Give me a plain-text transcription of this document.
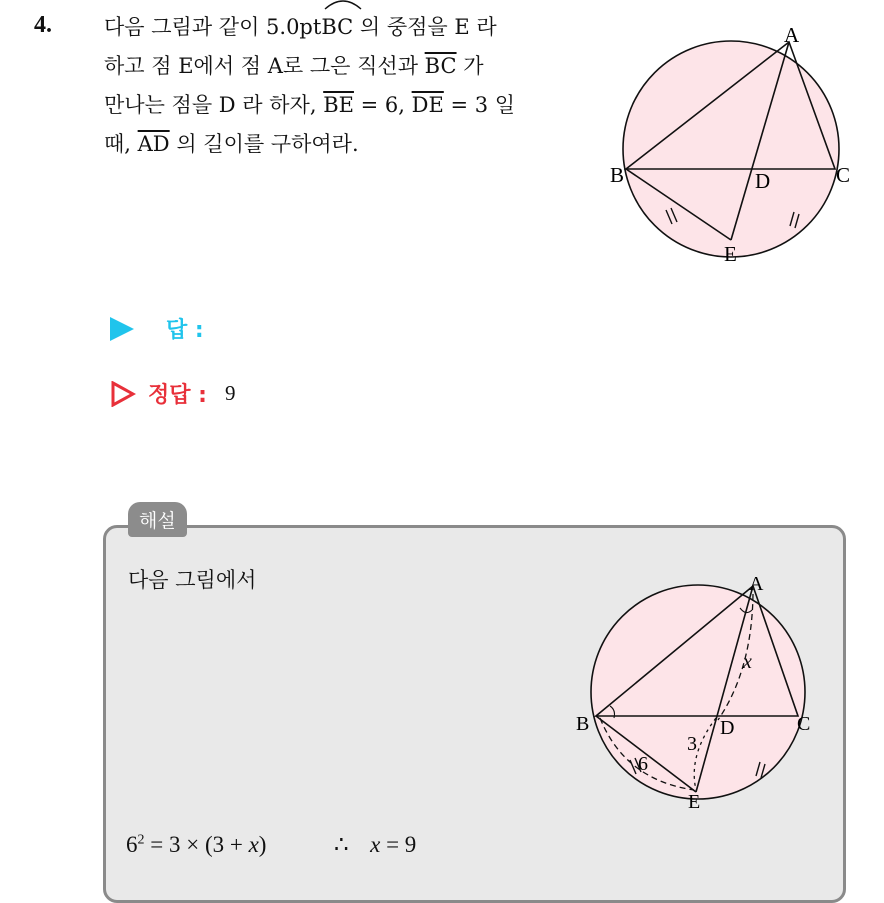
4. 다음 그림과 같이 5.0pt
BC 의 중점을 E 라
하고 점 E에서 점 A로 그은 직선과 $\overline{BC}$ 가
만나는 점을 D 라 하자, $\overline{BE} = 6$, $\overline{DE} = 3$ 일
때, $\overline{AD}$ 의 길이를 구하여라.
A
B	C
D
E
답 :
정답 : 9
해설
다음 그림에서	A
B	C
D
E
x
3
6
$6^2 = 3 \times (3 + x)$	∴ x = 9
